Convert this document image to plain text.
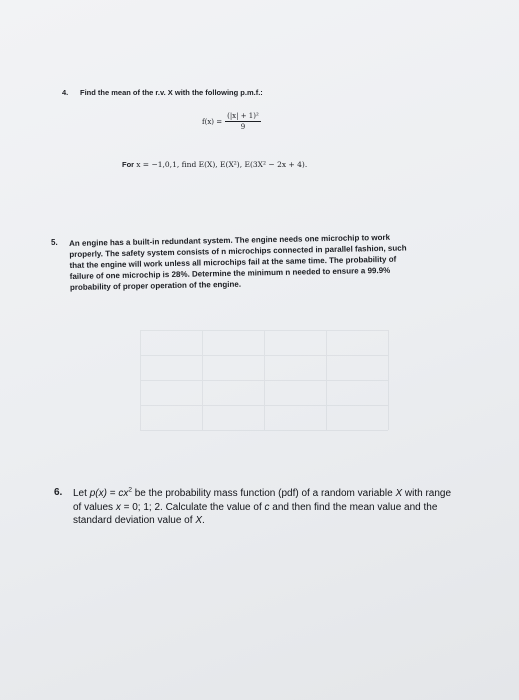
4. Find the mean of the r.v. X with the following p.m.f.:
$f(x) = \frac{\text{(|x| + 1)²}}{9}$
For x = −1,0,1, find E(X), E(X²), E(3X² − 2x + 4).
5. An engine has a built-in redundant system. The engine needs one microchip to work properly. The safety system consists of n microchips connected in parallel fashion, such that the engine will work unless all microchips fail at the same time. The probability of failure of one microchip is 28%. Determine the minimum n needed to ensure a 99.9% probability of proper operation of the engine.
6. Let $p(x) = cx^2$ be the probability mass function (pdf) of a random variable X with range of values x = 0; 1; 2. Calculate the value of c and then find the mean value and the standard deviation value of X.
